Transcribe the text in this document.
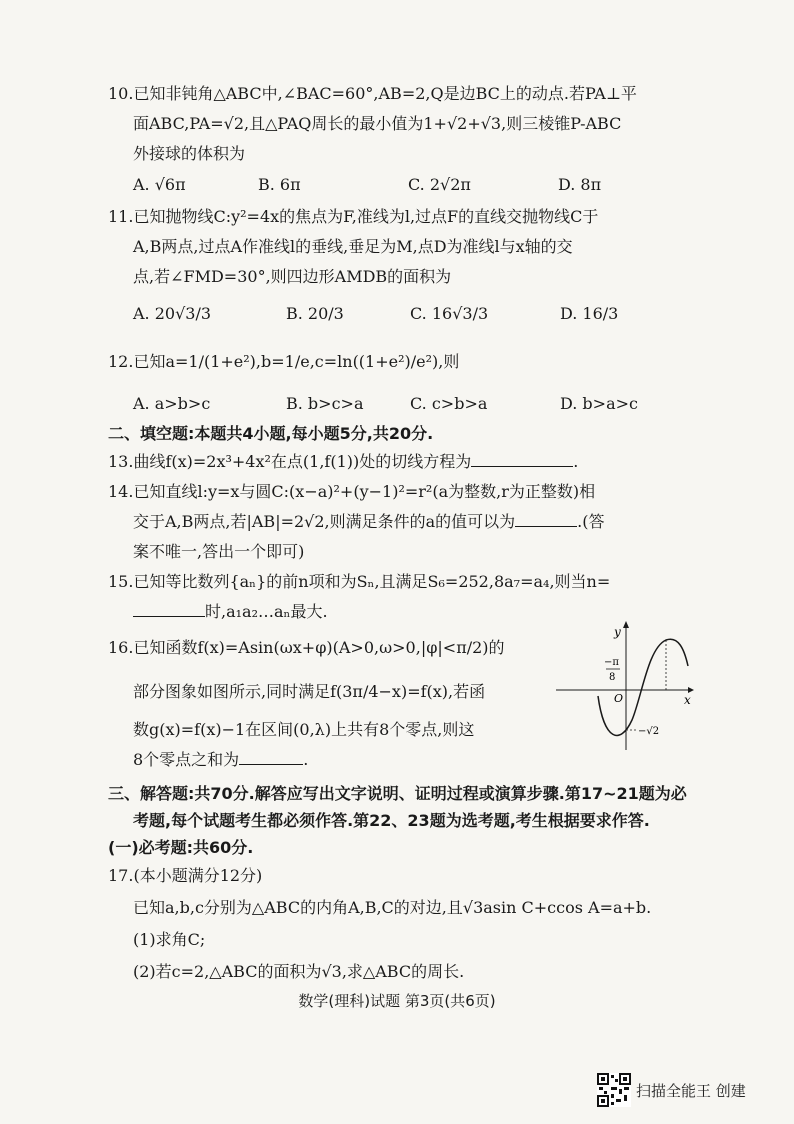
10.已知非钝角△ABC中,∠BAC=60°,AB=2,Q是边BC上的动点.若PA⊥平
面ABC,PA=√2,且△PAQ周长的最小值为1+√2+√3,则三棱锥P-ABC
外接球的体积为
A. √6π	B. 6π	C. 2√2π	D. 8π
11.已知抛物线C:y²=4x的焦点为F,准线为l,过点F的直线交抛物线C于
A,B两点,过点A作准线l的垂线,垂足为M,点D为准线l与x轴的交
点,若∠FMD=30°,则四边形AMDB的面积为
A. 20√3/3	B. 20/3	C. 16√3/3	D. 16/3
12.已知a=1/(1+e²),b=1/e,c=ln((1+e²)/e²),则
A. a>b>c	B. b>c>a	C. c>b>a	D. b>a>c
二、填空题:本题共4小题,每小题5分,共20分.
13.曲线f(x)=2x³+4x²在点(1,f(1))处的切线方程为	.
14.已知直线l:y=x与圆C:(x−a)²+(y−1)²=r²(a为整数,r为正整数)相
交于A,B两点,若|AB|=2√2,则满足条件的a的值可以为	.(答
案不唯一,答出一个即可)
15.已知等比数列{aₙ}的前n项和为Sₙ,且满足S₆=252,8a₇=a₄,则当n=
时,a₁a₂…aₙ最大.
16.已知函数f(x)=Asin(ωx+φ)(A>0,ω>0,|φ|<π/2)的
部分图象如图所示,同时满足f(3π/4−x)=f(x),若函
数g(x)=f(x)−1在区间(0,λ)上共有8个零点,则这
8个零点之和为	.
y
x
O
−π
8
−√2
三、解答题:共70分.解答应写出文字说明、证明过程或演算步骤.第17~21题为必
考题,每个试题考生都必须作答.第22、23题为选考题,考生根据要求作答.
(一)必考题:共60分.
17.(本小题满分12分)
已知a,b,c分别为△ABC的内角A,B,C的对边,且√3asin C+ccos A=a+b.
(1)求角C;
(2)若c=2,△ABC的面积为√3,求△ABC的周长.
数学(理科)试题 第3页(共6页)
扫描全能王 创建
